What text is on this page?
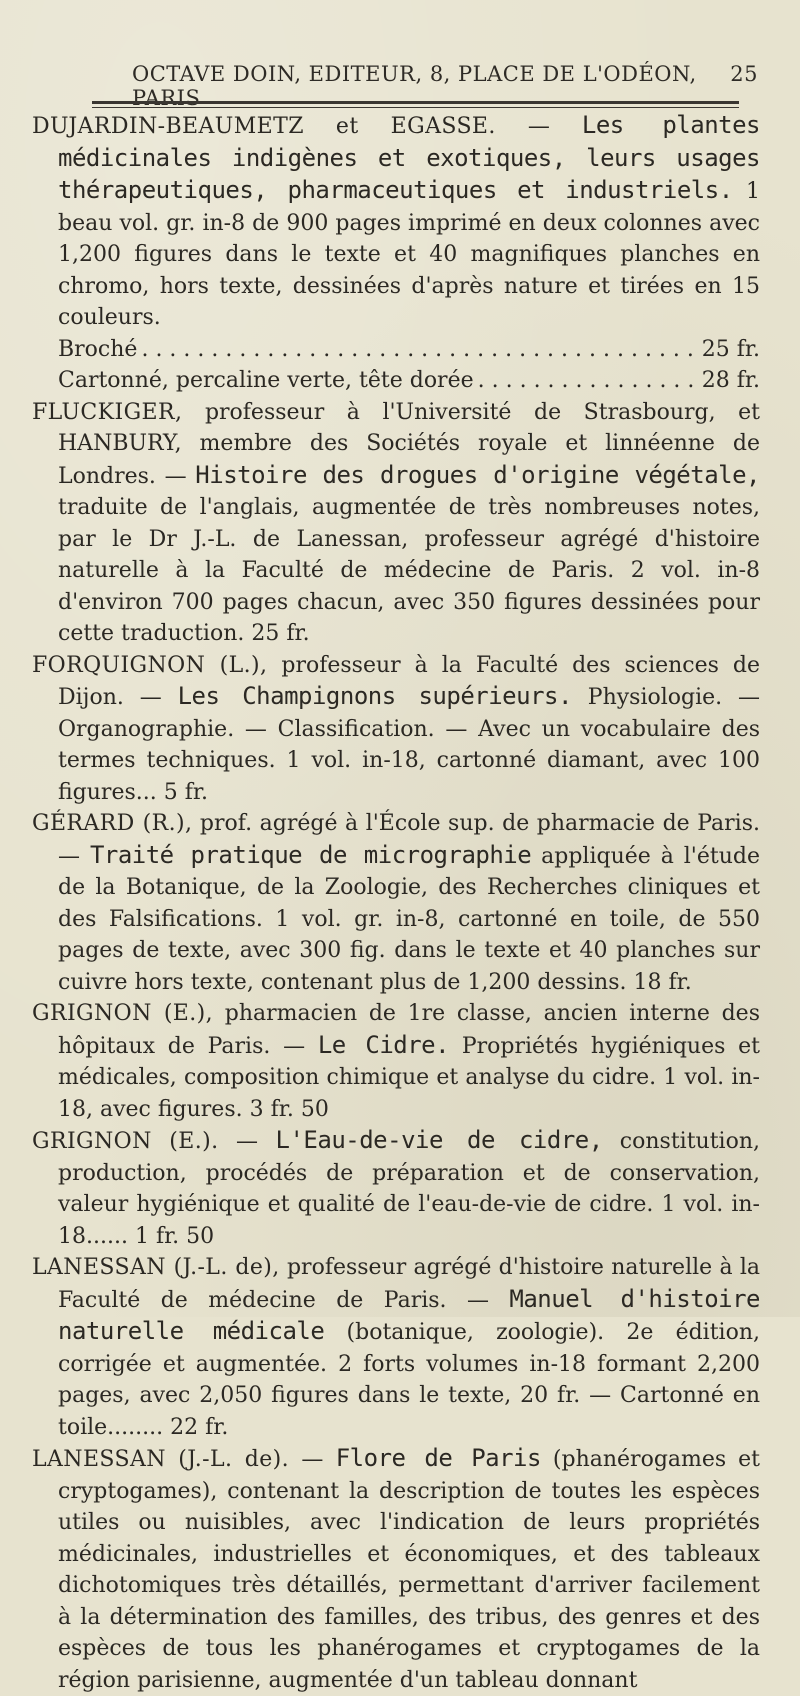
OCTAVE DOIN, EDITEUR, 8, PLACE DE L'ODÉON, PARIS
25

DUJARDIN-BEAUMETZ et EGASSE. — Les plantes médicinales indigènes et exotiques, leurs usages thérapeutiques, pharmaceutiques et industriels. 1 beau vol. gr. in-8 de 900 pages imprimé en deux colonnes avec 1,200 figures dans le texte et 40 magnifiques planches en chromo, hors texte, dessinées d'après nature et tirées en 15 couleurs.

Broché . . .	25 fr.
Cartonné, percaline verte, tête dorée . . .	28 fr.

FLUCKIGER, professeur à l'Université de Strasbourg, et HANBURY, membre des Sociétés royale et linnéenne de Londres. — Histoire des drogues d'origine végétale, traduite de l'anglais, augmentée de très nombreuses notes, par le Dr J.-L. de Lanessan, professeur agrégé d'histoire naturelle à la Faculté de médecine de Paris. 2 vol. in-8 d'environ 700 pages chacun, avec 350 figures dessinées pour cette traduction. 25 fr.

FORQUIGNON (L.), professeur à la Faculté des sciences de Dijon. — Les Champignons supérieurs. Physiologie. — Organographie. — Classification. — Avec un vocabulaire des termes techniques. 1 vol. in-18, cartonné diamant, avec 100 figures... 5 fr.

GÉRARD (R.), prof. agrégé à l'École sup. de pharmacie de Paris. — Traité pratique de micrographie appliquée à l'étude de la Botanique, de la Zoologie, des Recherches cliniques et des Falsifications. 1 vol. gr. in-8, cartonné en toile, de 550 pages de texte, avec 300 fig. dans le texte et 40 planches sur cuivre hors texte, contenant plus de 1,200 dessins. 18 fr.

GRIGNON (E.), pharmacien de 1re classe, ancien interne des hôpitaux de Paris. — Le Cidre. Propriétés hygiéniques et médicales, composition chimique et analyse du cidre. 1 vol. in-18, avec figures. 3 fr. 50

GRIGNON (E.). — L'Eau-de-vie de cidre, constitution, production, procédés de préparation et de conservation, valeur hygiénique et qualité de l'eau-de-vie de cidre. 1 vol. in-18...... 1 fr. 50

LANESSAN (J.-L. de), professeur agrégé d'histoire naturelle à la Faculté de médecine de Paris. — Manuel d'histoire naturelle médicale (botanique, zoologie). 2e édition, corrigée et augmentée. 2 forts volumes in-18 formant 2,200 pages, avec 2,050 figures dans le texte, 20 fr. — Cartonné en toile........ 22 fr.

LANESSAN (J.-L. de). — Flore de Paris (phanérogames et cryptogames), contenant la description de toutes les espèces utiles ou nuisibles, avec l'indication de leurs propriétés médicinales, industrielles et économiques, et des tableaux dichotomiques très détaillés, permettant d'arriver facilement à la détermination des familles, des tribus, des genres et des espèces de tous les phanérogames et cryptogames de la région parisienne, augmentée d'un tableau donnant
